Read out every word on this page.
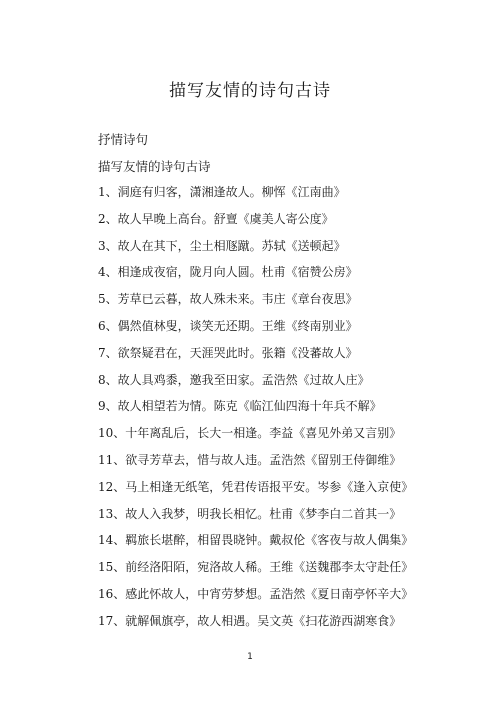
描写友情的诗句古诗
抒情诗句
描写友情的诗句古诗
1、洞庭有归客，潇湘逢故人。柳恽《江南曲》
2、故人早晚上高台。舒亶《虞美人寄公度》
3、故人在其下，尘土相豗蹴。苏轼《送顿起》
4、相逢成夜宿，陇月向人圆。杜甫《宿赞公房》
5、芳草已云暮，故人殊未来。韦庄《章台夜思》
6、偶然值林叟，谈笑无还期。王维《终南别业》
7、欲祭疑君在，天涯哭此时。张籍《没蕃故人》
8、故人具鸡黍，邀我至田家。孟浩然《过故人庄》
9、故人相望若为情。陈克《临江仙四海十年兵不解》
10、十年离乱后，长大一相逢。李益《喜见外弟又言别》
11、欲寻芳草去，惜与故人违。孟浩然《留别王侍御维》
12、马上相逢无纸笔，凭君传语报平安。岑参《逢入京使》
13、故人入我梦，明我长相忆。杜甫《梦李白二首其一》
14、羁旅长堪醉，相留畏晓钟。戴叔伦《客夜与故人偶集》
15、前经洛阳陌，宛洛故人稀。王维《送魏郡李太守赴任》
16、感此怀故人，中宵劳梦想。孟浩然《夏日南亭怀辛大》
17、就解佩旗亭，故人相遇。吴文英《扫花游西湖寒食》
1
